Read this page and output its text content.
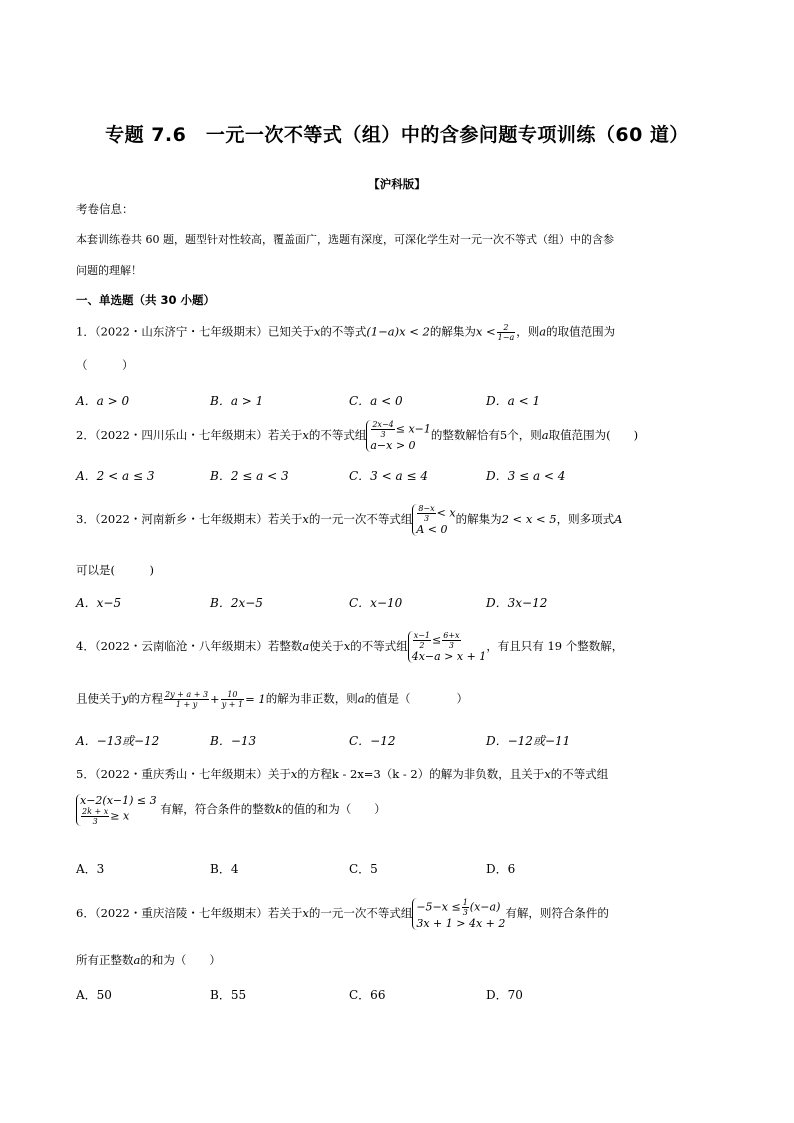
专题 7.6　一元一次不等式（组）中的含参问题专项训练（60 道）
【沪科版】
考卷信息：
本套训练卷共 60 题，题型针对性较高，覆盖面广，选题有深度，可深化学生对一元一次不等式（组）中的含参
问题的理解！
一、单选题（共 30 小题）
1．（2022・山东济宁・七年级期末）已知关于x的不等式(1−a)x < 2的解集为$x < \frac{2}{1-a}$ ，则a的取值范围为
（　　　）
A．a > 0	B．a > 1	C．a < 0	D．a < 1
2．（2022・四川乐山・七年级期末）若关于x的不等式组 $\frac{2x-4}{3} \le x-1$
a−x > 0
的整数解恰有5个，则a取值范围为(　　)
A．2 < a ≤ 3	B．2 ≤ a < 3	C．3 < a ≤ 4	D．3 ≤ a < 4
3．（2022・河南新乡・七年级期末）若关于x的一元一次不等式组 $\frac{8-x}{3} < x$
A < 0
的解集为2 < x < 5，则多项式A
可以是(　　　)
A．x−5	B．2x−5	C．x−10	D．3x−12
4．（2022・云南临沧・八年级期末）若整数a使关于x的不等式组 $\frac{x-1}{2} \le \frac{6+x}{3}$
4x−a > x + 1
，有且只有 19 个整数解，
且使关于y的方程 $\frac{2y + a + 3}{1 + y} + \frac{10}{y + 1} = 1$的解为非正数，则a的值是（　　　　）
A．−13或−12	B．−13	C．−12	D．−12或−11
5．（2022・重庆秀山・七年级期末）关于x的方程k - 2x=3（k - 2）的解为非负数，且关于x的不等式组
x−2(x−1) ≤ 3
$\frac{2k + x}{3} \ge x$	有解，符合条件的整数k的值的和为（　　）
A．3	B．4	C．5	D．6
6．（2022・重庆涪陵・七年级期末）若关于x的一元一次不等式组 $-5-x \le \frac{1}{3} (x-a)$
3x + 1 > 4x + 2
有解，则符合条件的
所有正整数a的和为（　　）
A．50	B．55	C．66	D．70
